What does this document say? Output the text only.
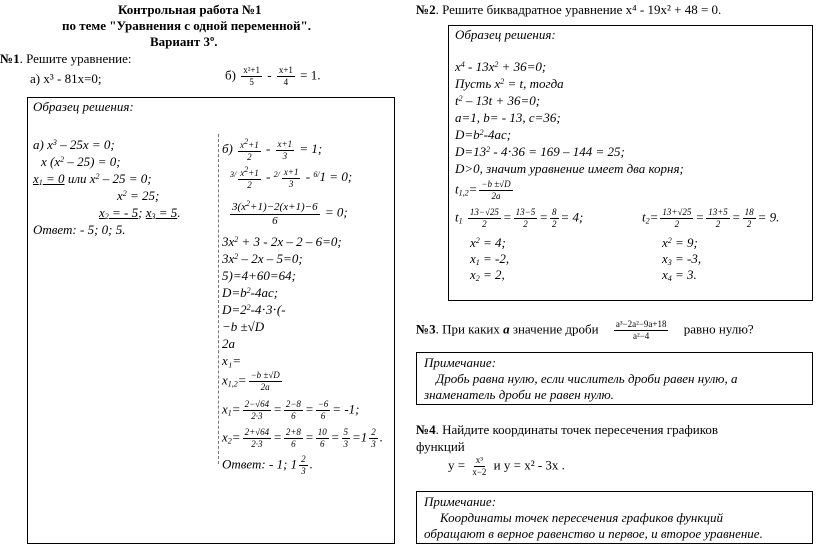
Контрольная работа №1
по теме "Уравнения с одной переменной".
Вариант 3º.
№1. Решите уравнение:
а) x³ - 81x=0;	$б) \frac{\text{x²+1}}{5} - \frac{x+1}{4} = 1$.
Образец решения:
а) $x^3 - 25x = 0$;
x $(x^2 - 25) = 0$;
$x_1 = 0$ или $x^2 - 25 = 0$;
$x^2 = 25$;
$x_2$ = - 5; $x_3 = 5$.
Ответ: - 5; 0; 5.
$б) \frac{x^2+1}{2} - \frac{x+1}{3} = 1$;
$^{3/} \frac{x^2+1}{2} - ^{2/} \frac{x+1}{3} - ^{6/}1 = 0$;
$\frac{3(x^2+1)-2(x+1)-6}{6} = 0$;
$3x^2 + 3 - 2x - 2 - 6=0$;
$3x^2 - 2x - 5=0$;
5)=4+60=64;
$D=b^2-4ac$;
$D=2^2-4\cdot 3\cdot(-$
−b ±√D
2a
x₁=
$x_{1,2}= \frac{-b \pm√D}{2a}$
$x_1= \frac{2-√64}{2\cdot 3} = \frac{2-8}{6} = \frac{-6}{6} = -1$;
$x_2= \frac{2+√64}{2\cdot 3} = \frac{2+8}{6} = \frac{10}{6} = \frac{5}{3} =1 \frac{2}{3}$ .
Ответ: - 1; $1 \frac{2}{3}$ .
№2. Решите биквадратное уравнение x⁴ - 19x² + 48 = 0.
Образец решения:
$x^4 - 13x^2 + 36=0$;
Пусть $x^2 = t$, тогда
$t^2 - 13t + 36=0$;
a=1, b= - 13, c=36;
$D=b^2-4ac$;
$D=13^2 - 4\cdot 36 = 169 - 144 = 25$;
D>0, значит уравнение имеет два корня;
$t_{1,2}= \frac{-b \pm√D}{2a}$
$t_1 \frac{13-√25}{2} = \frac{13-5}{2} = \frac{8}{2} = 4$;	$t_2= \frac{13+√25}{2} = \frac{13+5}{2} = \frac{18}{2} = 9$.
$x^2 = 4$;	$x^2 = 9$;
$x_1 = -2$,	$x_3 = -3$,
$x_2 = 2$,	$x_4 = 3$.
№3. При каких a значение дроби $\frac{\text{a³−2a²−9a+18}}{\text{a²−4}}$ равно нулю?
Примечание:
Дробь равна нулю, если числитель дроби равен нулю, а
знаменатель дроби не равен нулю.
№4. Найдите координаты точек пересечения графиков
функций
$y = \frac{\text{x³}}{x-2}$ и y = x² - 3x .
Примечание:
Координаты точек пересечения графиков функций
обращают в верное равенство и первое, и второе уравнение.
